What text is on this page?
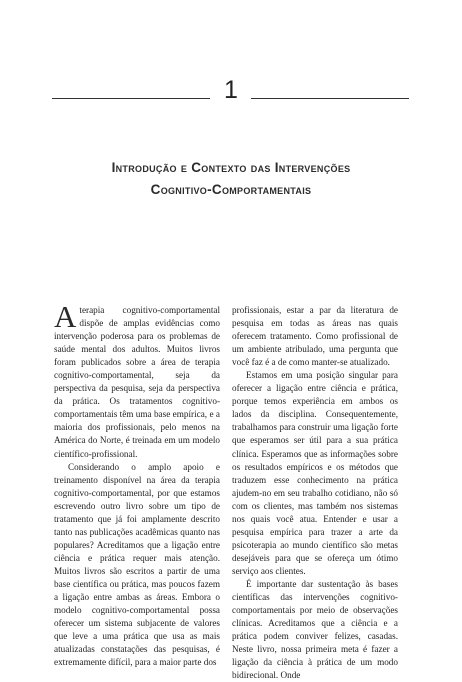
1
Introdução e Contexto das Intervenções
Cognitivo-Comportamentais

Aterapia cognitivo-comportamental dispõe de amplas evidências como intervenção poderosa para os problemas de saúde mental dos adultos. Muitos livros foram publicados sobre a área de terapia cognitivo-comportamental, seja da perspectiva da pesquisa, seja da perspectiva da prática. Os tratamentos cognitivo-comportamentais têm uma base empírica, e a maioria dos profissionais, pelo menos na América do Norte, é treinada em um modelo científico-profissional.

Considerando o amplo apoio e treinamento disponível na área da terapia cognitivo-comportamental, por que estamos escrevendo outro livro sobre um tipo de tratamento que já foi amplamente descrito tanto nas publicações acadêmicas quanto nas populares? Acreditamos que a ligação entre ciência e prática requer mais atenção. Muitos livros são escritos a partir de uma base científica ou prática, mas poucos fazem a ligação entre ambas as áreas. Embora o modelo cognitivo-comportamental possa oferecer um sistema subjacente de valores que leve a uma prática que usa as mais atualizadas constatações das pesquisas, é extremamente difícil, para a maior parte dos

profissionais, estar a par da literatura de pesquisa em todas as áreas nas quais oferecem tratamento. Como profissional de um ambiente atribulado, uma pergunta que você faz é a de como manter-se atualizado.

Estamos em uma posição singular para oferecer a ligação entre ciência e prática, porque temos experiência em ambos os lados da disciplina. Consequentemente, trabalhamos para construir uma ligação forte que esperamos ser útil para a sua prática clínica. Esperamos que as informações sobre os resultados empíricos e os métodos que traduzem esse conhecimento na prática ajudem-no em seu trabalho cotidiano, não só com os clientes, mas também nos sistemas nos quais você atua. Entender e usar a pesquisa empírica para trazer a arte da psicoterapia ao mundo científico são metas desejáveis para que se ofereça um ótimo serviço aos clientes.

É importante dar sustentação às bases científicas das intervenções cognitivo-comportamentais por meio de observações clínicas. Acreditamos que a ciência e a prática podem conviver felizes, casadas. Neste livro, nossa primeira meta é fazer a ligação da ciência à prática de um modo bidirecional. Onde
